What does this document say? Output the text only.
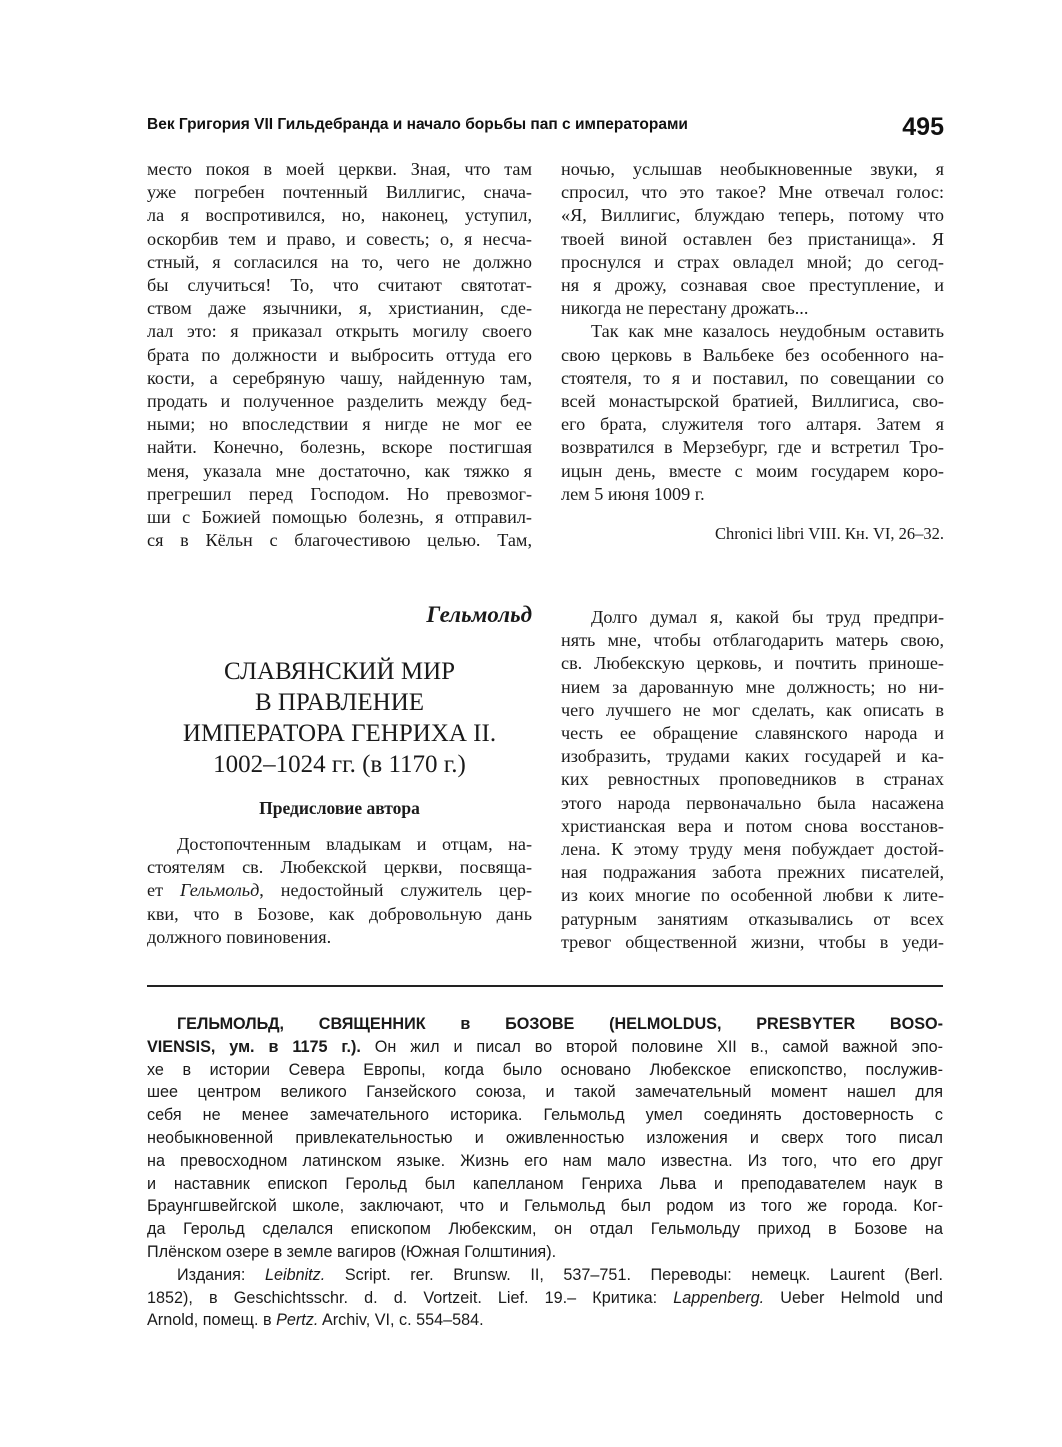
Век Григория VII Гильдебранда и начало борьбы пап с императорами	495
место покоя в моей церкви. Зная, что там
уже погребен почтенный Виллигис, снача-
ла я воспротивился, но, наконец, уступил,
оскорбив тем и право, и совесть; о, я несча-
стный, я согласился на то, чего не должно
бы случиться! То, что считают святотат-
ством даже язычники, я, христианин, сде-
лал это: я приказал открыть могилу своего
брата по должности и выбросить оттуда его
кости, а серебряную чашу, найденную там,
продать и полученное разделить между бед-
ными; но впоследствии я нигде не мог ее
найти. Конечно, болезнь, вскоре постигшая
меня, указала мне достаточно, как тяжко я
прегрешил перед Господом. Но превозмог-
ши с Божией помощью болезнь, я отправил-
ся в Кёльн с благочестивою целью. Там,
ночью, услышав необыкновенные звуки, я
спросил, что это такое? Мне отвечал голос:
«Я, Виллигис, блуждаю теперь, потому что
твоей виной оставлен без пристанища». Я
проснулся и страх овладел мной; до сегод-
ня я дрожу, сознавая свое преступление, и
никогда не перестану дрожать...
Так как мне казалось неудобным оставить
свою церковь в Вальбеке без особенного на-
стоятеля, то я и поставил, по совещании со
всей монастырской братией, Виллигиса, сво-
его брата, служителя того алтаря. Затем я
возвратился в Мерзебург, где и встретил Тро-
ицын день, вместе с моим государем коро-
лем 5 июня 1009 г.
Chronici libri VIII. Кн. VI, 26–32.
Гельмольд
СЛАВЯНСКИЙ МИР
В ПРАВЛЕНИЕ
ИМПЕРАТОРА ГЕНРИХА II.
1002–1024 гг. (в 1170 г.)
Предисловие автора
Достопочтенным владыкам и отцам, на-
стоятелям св. Любекской церкви, посвяща-
ет Гельмольд, недостойный служитель цер-
кви, что в Бозове, как добровольную дань
должного повиновения.
Долго думал я, какой бы труд предпри-
нять мне, чтобы отблагодарить матерь свою,
св. Любекскую церковь, и почтить приноше-
нием за дарованную мне должность; но ни-
чего лучшего не мог сделать, как описать в
честь ее обращение славянского народа и
изобразить, трудами каких государей и ка-
ких ревностных проповедников в странах
этого народа первоначально была насажена
христианская вера и потом снова восстанов-
лена. К этому труду меня побуждает достой-
ная подражания забота прежних писателей,
из коих многие по особенной любви к лите-
ратурным занятиям отказывались от всех
тревог общественной жизни, чтобы в уеди-
ГЕЛЬМОЛЬД, СВЯЩЕННИК в БОЗОВЕ (HELMOLDUS, PRESBYTER BOSO-
VIENSIS, ум. в 1175 г.). Он жил и писал во второй половине XII в., самой важной эпо-
хе в истории Севера Европы, когда было основано Любекское епископство, послужив-
шее центром великого Ганзейского союза, и такой замечательный момент нашел для
себя не менее замечательного историка. Гельмольд умел соединять достоверность с
необыкновенной привлекательностью и оживленностью изложения и сверх того писал
на превосходном латинском языке. Жизнь его нам мало известна. Из того, что его друг
и наставник епископ Герольд был капелланом Генриха Льва и преподавателем наук в
Браунгшвейгской школе, заключают, что и Гельмольд был родом из того же города. Ког-
да Герольд сделался епископом Любекским, он отдал Гельмольду приход в Бозове на
Плёнском озере в земле вагиров (Южная Голштиния).
Издания: Leibnitz. Script. rer. Brunsw. II, 537–751. Переводы: немецк. Laurent (Berl.
1852), в Geschichtsschr. d. d. Vortzeit. Lief. 19.– Критика: Lappenberg. Ueber Helmold und
Arnold, помещ. в Pertz. Archiv, VI, с. 554–584.
